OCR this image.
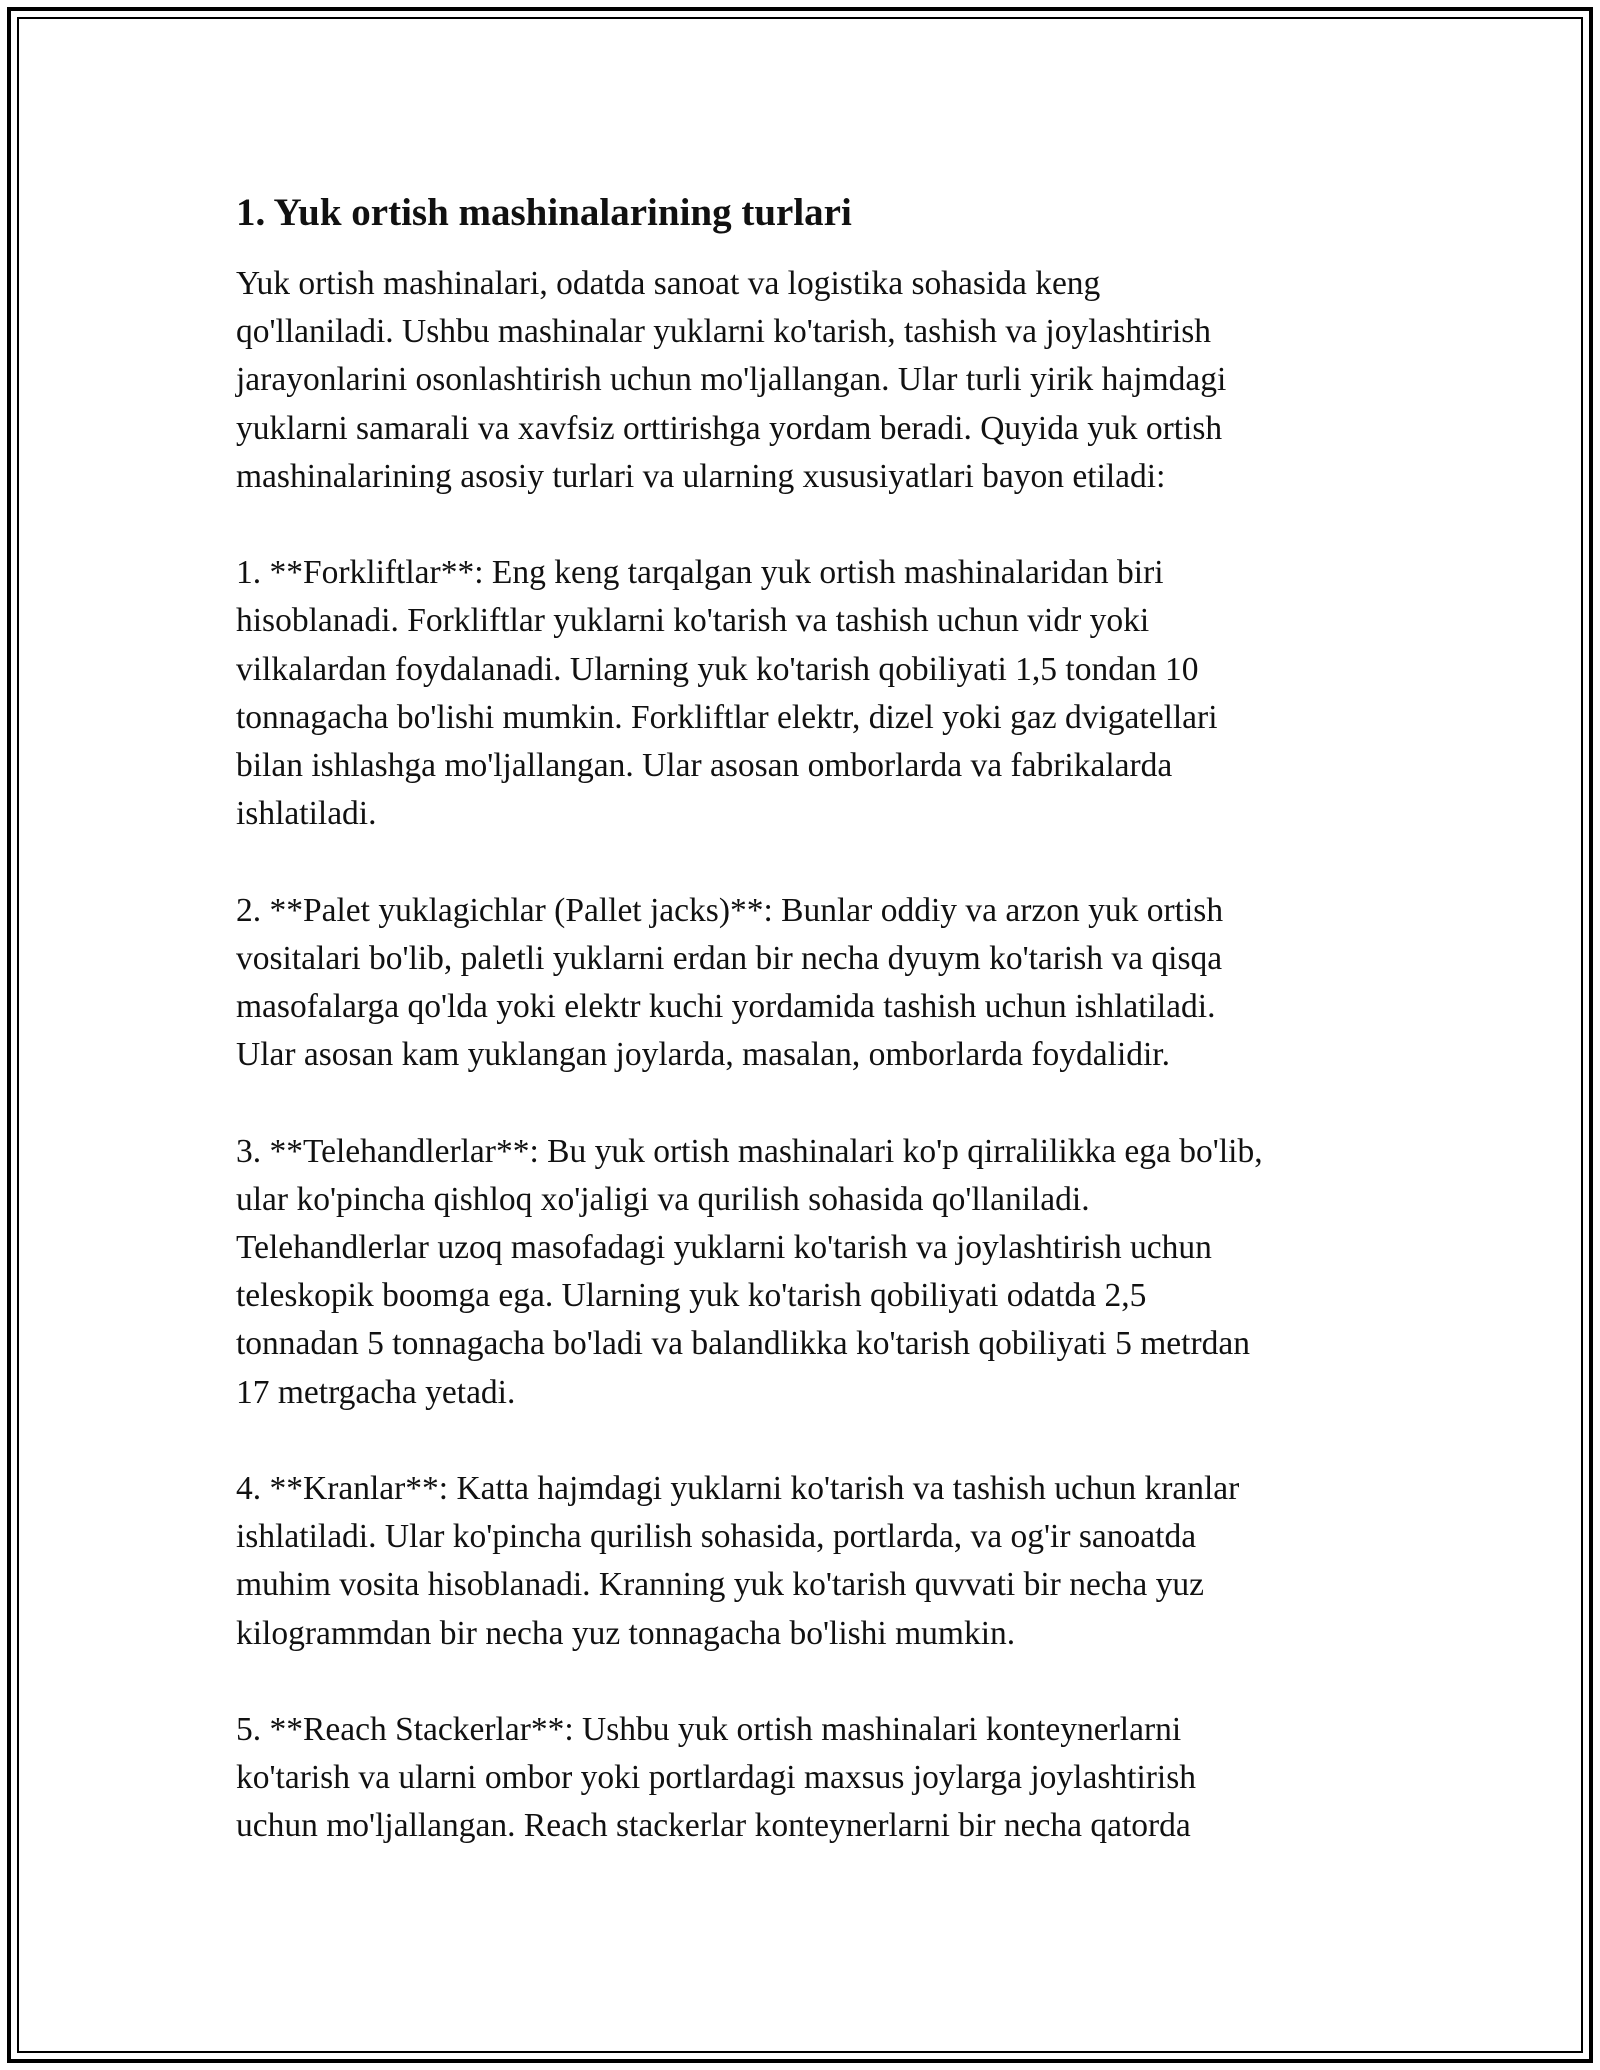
1. Yuk ortish mashinalarining turlari
Yuk ortish mashinalari, odatda sanoat va logistika sohasida keng
qo'llaniladi. Ushbu mashinalar yuklarni ko'tarish, tashish va joylashtirish
jarayonlarini osonlashtirish uchun mo'ljallangan. Ular turli yirik hajmdagi
yuklarni samarali va xavfsiz orttirishga yordam beradi. Quyida yuk ortish
mashinalarining asosiy turlari va ularning xususiyatlari bayon etiladi:
1. **Forkliftlar**: Eng keng tarqalgan yuk ortish mashinalaridan biri
hisoblanadi. Forkliftlar yuklarni ko'tarish va tashish uchun vidr yoki
vilkalardan foydalanadi. Ularning yuk ko'tarish qobiliyati 1,5 tondan 10
tonnagacha bo'lishi mumkin. Forkliftlar elektr, dizel yoki gaz dvigatellari
bilan ishlashga mo'ljallangan. Ular asosan omborlarda va fabrikalarda
ishlatiladi.
2. **Palet yuklagichlar (Pallet jacks)**: Bunlar oddiy va arzon yuk ortish
vositalari bo'lib, paletli yuklarni erdan bir necha dyuym ko'tarish va qisqa
masofalarga qo'lda yoki elektr kuchi yordamida tashish uchun ishlatiladi.
Ular asosan kam yuklangan joylarda, masalan, omborlarda foydalidir.
3. **Telehandlerlar**: Bu yuk ortish mashinalari ko'p qirralilikka ega bo'lib,
ular ko'pincha qishloq xo'jaligi va qurilish sohasida qo'llaniladi.
Telehandlerlar uzoq masofadagi yuklarni ko'tarish va joylashtirish uchun
teleskopik boomga ega. Ularning yuk ko'tarish qobiliyati odatda 2,5
tonnadan 5 tonnagacha bo'ladi va balandlikka ko'tarish qobiliyati 5 metrdan
17 metrgacha yetadi.
4. **Kranlar**: Katta hajmdagi yuklarni ko'tarish va tashish uchun kranlar
ishlatiladi. Ular ko'pincha qurilish sohasida, portlarda, va og'ir sanoatda
muhim vosita hisoblanadi. Kranning yuk ko'tarish quvvati bir necha yuz
kilogrammdan bir necha yuz tonnagacha bo'lishi mumkin.
5. **Reach Stackerlar**: Ushbu yuk ortish mashinalari konteynerlarni
ko'tarish va ularni ombor yoki portlardagi maxsus joylarga joylashtirish
uchun mo'ljallangan. Reach stackerlar konteynerlarni bir necha qatorda
